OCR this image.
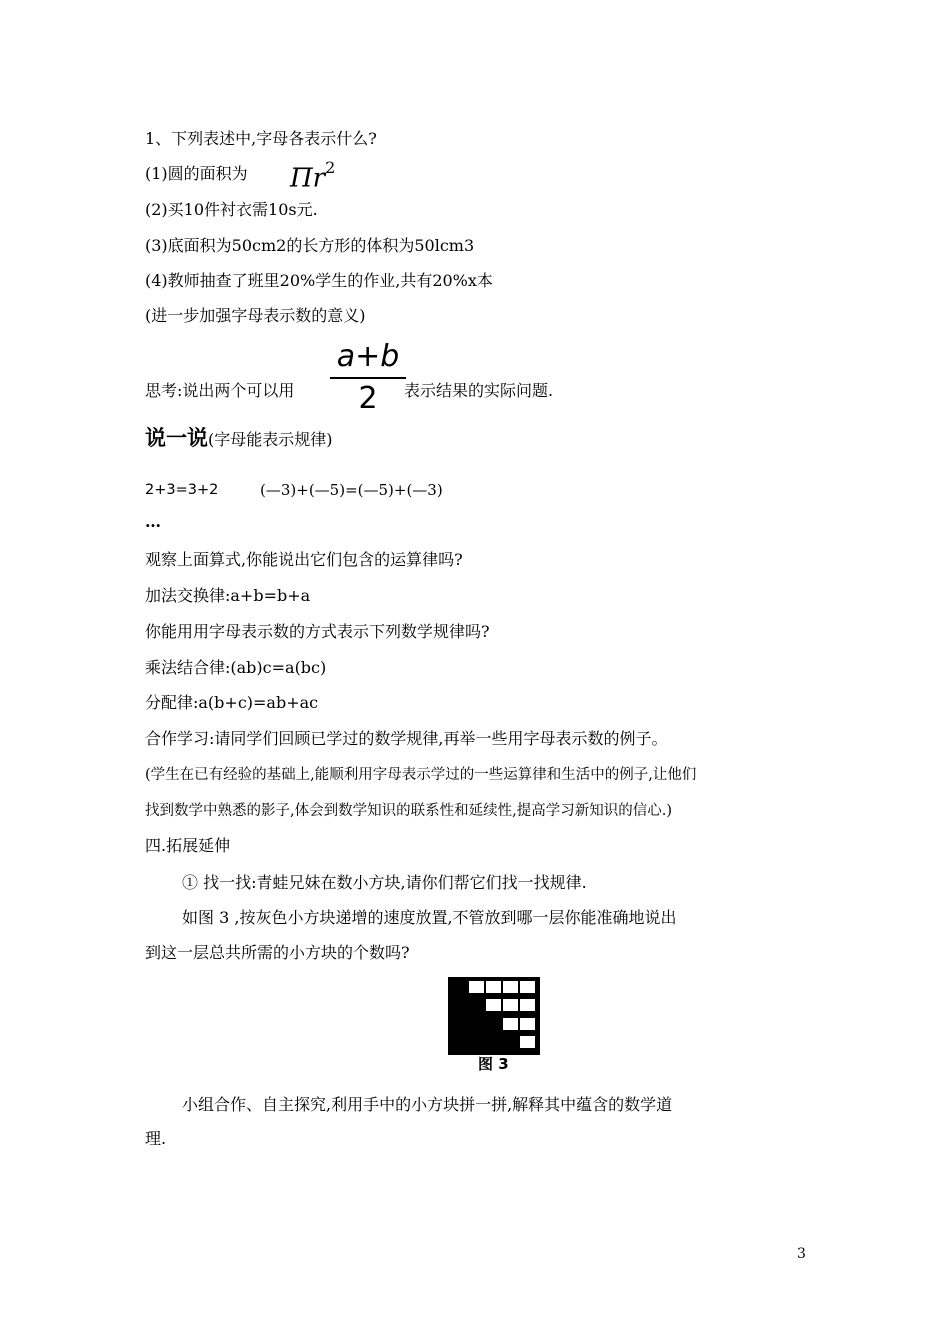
1、下列表述中,字母各表示什么?
(1)圆的面积为 $\Pi r^2$
(2)买10件衬衣需10s元.
(3)底面积为50cm2的长方形的体积为50lcm3
(4)教师抽查了班里20%学生的作业,共有20%x本
(进一步加强字母表示数的意义)
思考:说出两个可以用
a+b
2	表示结果的实际问题.
说一说(字母能表示规律)
2+3=3+2	(—3)+(—5)=(—5)+(—3)
…
观察上面算式,你能说出它们包含的运算律吗?
加法交换律:a+b=b+a
你能用用字母表示数的方式表示下列数学规律吗?
乘法结合律:(ab)c=a(bc)
分配律:a(b+c)=ab+ac
合作学习:请同学们回顾已学过的数学规律,再举一些用字母表示数的例子。
(学生在已有经验的基础上,能顺利用字母表示学过的一些运算律和生活中的例子,让他们
找到数学中熟悉的影子,体会到数学知识的联系性和延续性,提高学习新知识的信心.)
四.拓展延伸
① 找一找:青蛙兄妹在数小方块,请你们帮它们找一找规律.
如图 3 ,按灰色小方块递增的速度放置,不管放到哪一层你能准确地说出
到这一层总共所需的小方块的个数吗?
图 3
小组合作、自主探究,利用手中的小方块拼一拼,解释其中蕴含的数学道
理.
3
